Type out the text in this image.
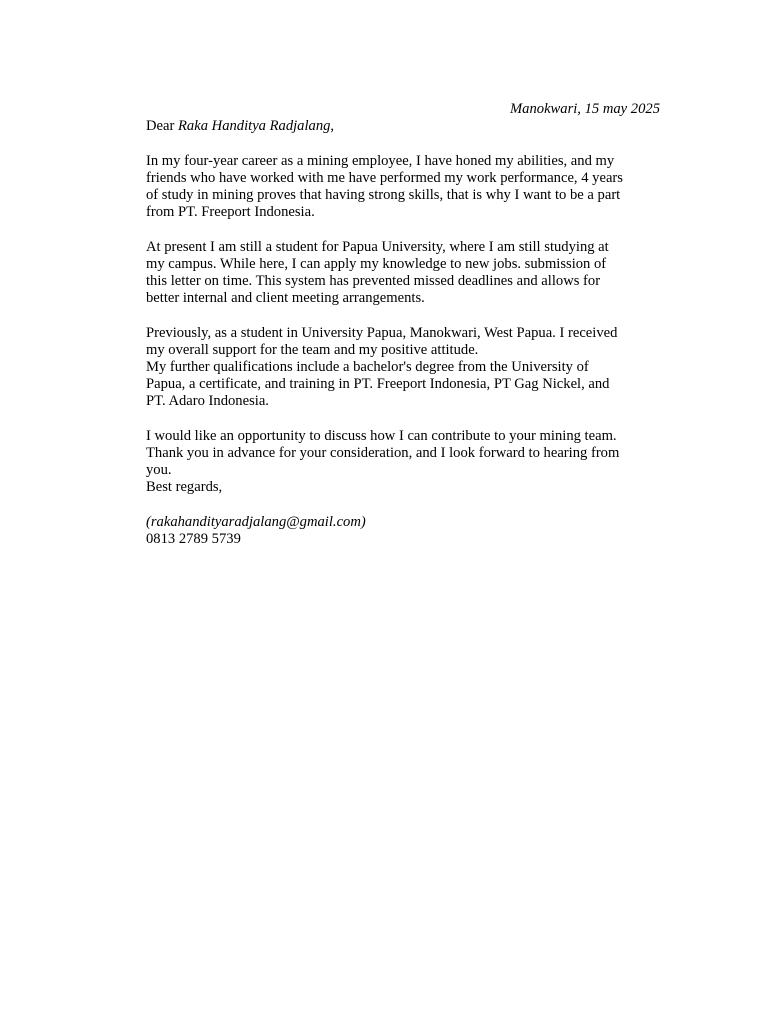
Manokwari, 15 may 2025

Dear Raka Handitya Radjalang,

In my four-year career as a mining employee, I have honed my abilities, and my
friends who have worked with me have performed my work performance, 4 years
of study in mining proves that having strong skills, that is why I want to be a part
from PT. Freeport Indonesia.

At present I am still a student for Papua University, where I am still studying at
my campus. While here, I can apply my knowledge to new jobs. submission of
this letter on time. This system has prevented missed deadlines and allows for
better internal and client meeting arrangements.

Previously, as a student in University Papua, Manokwari, West Papua. I received
my overall support for the team and my positive attitude.
My further qualifications include a bachelor's degree from the University of
Papua, a certificate, and training in PT. Freeport Indonesia, PT Gag Nickel, and
PT. Adaro Indonesia.

I would like an opportunity to discuss how I can contribute to your mining team.
Thank you in advance for your consideration, and I look forward to hearing from
you.

Best regards,

(rakahandityaradjalang@gmail.com)
0813 2789 5739
